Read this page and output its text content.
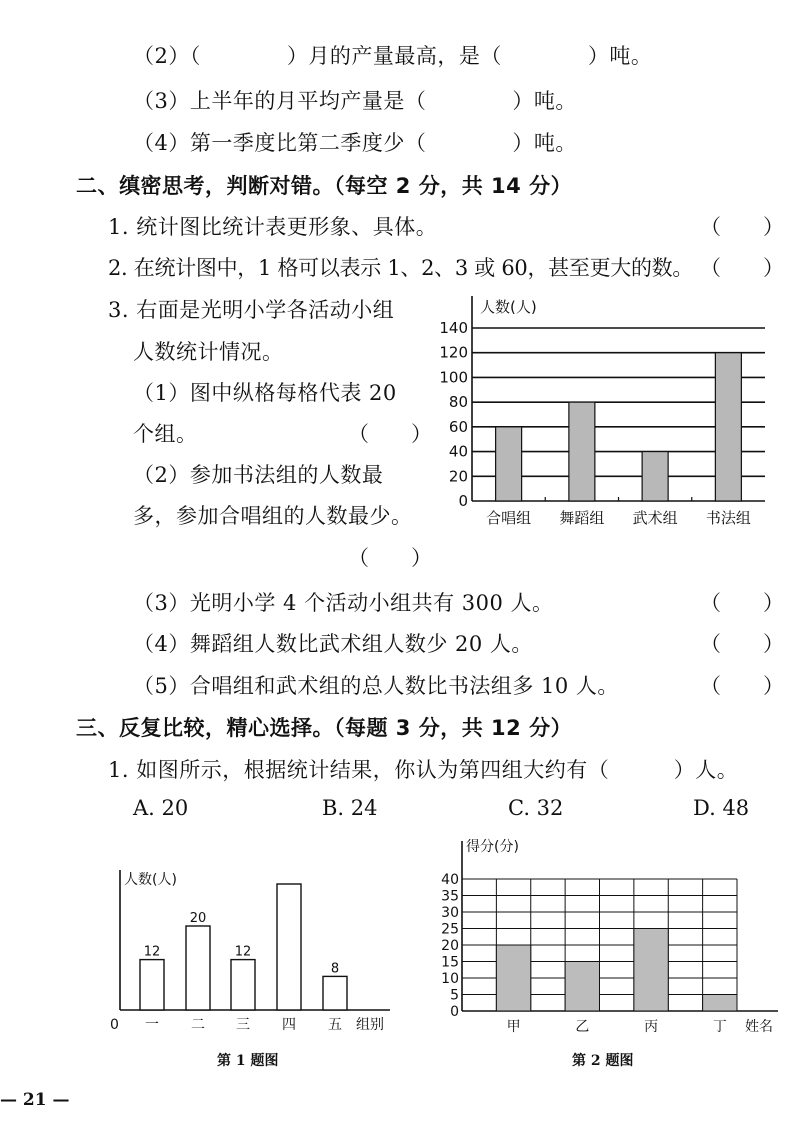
（2）（　　　　）月的产量最高，是（　　　　）吨。
（3）上半年的月平均产量是（　　　　）吨。
（4）第一季度比第二季度少（　　　　）吨。
二、缜密思考，判断对错。（每空 2 分，共 14 分）
1. 统计图比统计表更形象、具体。	（　　）
2. 在统计图中，1 格可以表示 1、2、3 或 60，甚至更大的数。 （　　）
3. 右面是光明小学各活动小组
人数统计情况。
（1）图中纵格每格代表 20
个组。	（　　）
（2）参加书法组的人数最
多，参加合唱组的人数最少。
（　　）
0
20
40
60
80
100
120
140
人数(人)
合唱组 舞蹈组 武术组 书法组
（3）光明小学 4 个活动小组共有 300 人。	（　　）
（4）舞蹈组人数比武术组人数少 20 人。	（　　）
（5）合唱组和武术组的总人数比书法组多 10 人。	（　　）
三、反复比较，精心选择。（每题 3 分，共 12 分）
1. 如图所示，根据统计结果，你认为第四组大约有（　　　）人。
A. 20	B. 24	C. 32	D. 48
人数(人)
0	组别
12
一
20
二
12
三 四
8
五
第 1 题图
得分(分)
0
5
10
15
20
25
30
35
40
甲	乙	丙	丁 姓名
第 2 题图
— 21 —
